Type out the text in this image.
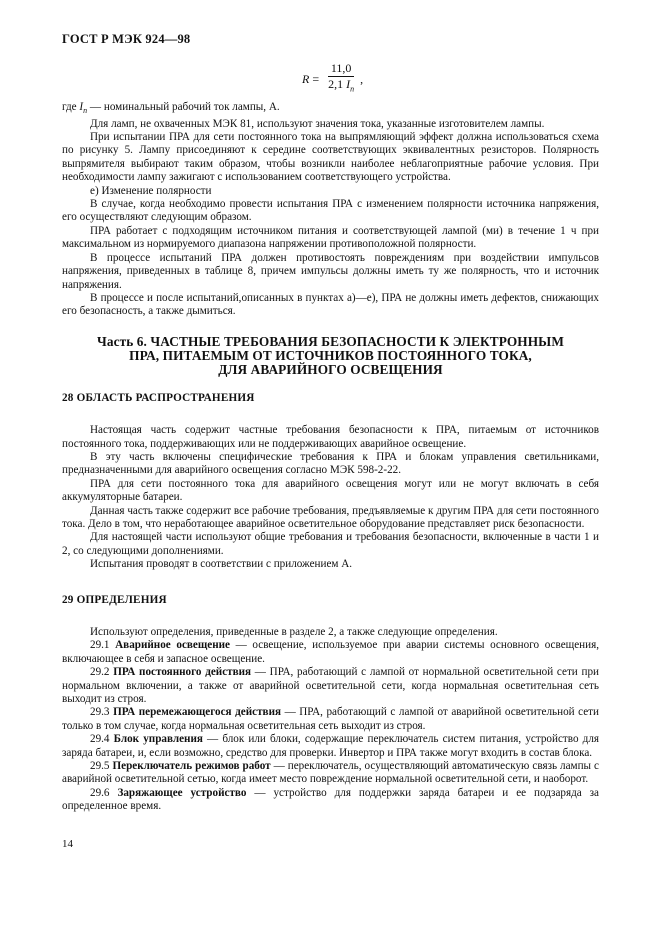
ГОСТ Р МЭК 924—98
$R = \frac{11,0}{2,1 I_n}$ ,

где $I_n$ — номинальный рабочий ток лампы, А.

Для ламп, не охваченных МЭК 81, используют значения тока, указанные изготовителем лампы.

При испытании ПРА для сети постоянного тока на выпрямляющий эффект должна использоваться схема по рисунку 5. Лампу присоединяют к середине соответствующих эквивалентных резисторов. Полярность выпрямителя выбирают таким образом, чтобы возникли наиболее неблагоприятные рабочие условия. При необходимости лампу зажигают с использованием соответствующего устройства.

е) Изменение полярности

В случае, когда необходимо провести испытания ПРА с изменением полярности источника напряжения, его осуществляют следующим образом.

ПРА работает с подходящим источником питания и соответствующей лампой (ми) в течение 1 ч при максимальном из нормируемого диапазона напряжении противоположной полярности.

В процессе испытаний ПРА должен противостоять повреждениям при воздействии импульсов напряжения, приведенных в таблице 8, причем импульсы должны иметь ту же полярность, что и источник напряжения.

В процессе и после испытаний,описанных в пунктах а)—е), ПРА не должны иметь дефектов, снижающих его безопасность, а также дымиться.

Часть 6. ЧАСТНЫЕ ТРЕБОВАНИЯ БЕЗОПАСНОСТИ К ЭЛЕКТРОННЫМ
ПРА, ПИТАЕМЫМ ОТ ИСТОЧНИКОВ ПОСТОЯННОГО ТОКА,
ДЛЯ АВАРИЙНОГО ОСВЕЩЕНИЯ
28 ОБЛАСТЬ РАСПРОСТРАНЕНИЯ

Настоящая часть содержит частные требования безопасности к ПРА, питаемым от источников постоянного тока, поддерживающих или не поддерживающих аварийное освещение.

В эту часть включены специфические требования к ПРА и блокам управления светильниками, предназначенными для аварийного освещения согласно МЭК 598-2-22.

ПРА для сети постоянного тока для аварийного освещения могут или не могут включать в себя аккумуляторные батареи.

Данная часть также содержит все рабочие требования, предъявляемые к другим ПРА для сети постоянного тока. Дело в том, что неработающее аварийное осветительное оборудование представляет риск безопасности.

Для настоящей части используют общие требования и требования безопасности, включенные в части 1 и 2, со следующими дополнениями.

Испытания проводят в соответствии с приложением А.

29 ОПРЕДЕЛЕНИЯ

Используют определения, приведенные в разделе 2, а также следующие определения.

29.1 Аварийное освещение — освещение, используемое при аварии системы основного освещения, включающее в себя и запасное освещение.

29.2 ПРА постоянного действия — ПРА, работающий с лампой от нормальной осветительной сети при нормальном включении, а также от аварийной осветительной сети, когда нормальная осветительная сеть выходит из строя.

29.3 ПРА перемежающегося действия — ПРА, работающий с лампой от аварийной осветительной сети только в том случае, когда нормальная осветительная сеть выходит из строя.

29.4 Блок управления — блок или блоки, содержащие переключатель систем питания, устройство для заряда батареи, и, если возможно, средство для проверки. Инвертор и ПРА также могут входить в состав блока.

29.5 Переключатель режимов работ — переключатель, осуществляющий автоматическую связь лампы с аварийной осветительной сетью, когда имеет место повреждение нормальной осветительной сети, и наоборот.

29.6 Заряжающее устройство — устройство для поддержки заряда батареи и ее подзаряда за определенное время.

14
